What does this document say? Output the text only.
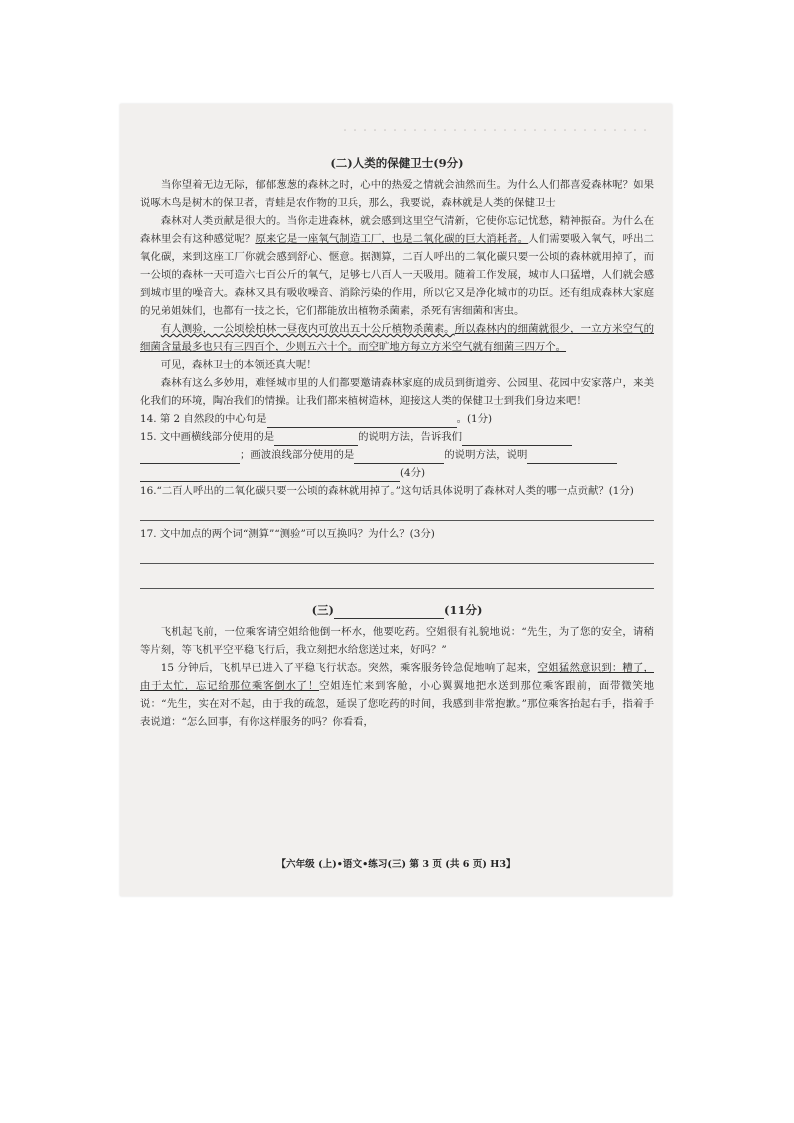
・・・・・・・・・・・・・・・・・・・・・・・・・・・・・・・
(二)人类的保健卫士(9分)

当你望着无边无际，郁郁葱葱的森林之时，心中的热爱之情就会油然而生。为什么人们都喜爱森林呢？如果说啄木鸟是树木的保卫者，青蛙是农作物的卫兵，那么，我要说，森林就是人类的保健卫士

森林对人类贡献是很大的。当你走进森林，就会感到这里空气清新，它使你忘记忧愁，精神振奋。为什么在森林里会有这种感觉呢？原来它是一座氧气制造工厂，也是二氧化碳的巨大消耗者。人们需要吸入氧气，呼出二氧化碳，来到这座工厂你就会感到舒心、惬意。据测算，二百人呼出的二氧化碳只要一公顷的森林就用掉了，而一公顷的森林一天可造六七百公斤的氧气，足够七八百人一天吸用。随着工作发展，城市人口猛增，人们就会感到城市里的噪音大。森林又具有吸收噪音、消除污染的作用，所以它又是净化城市的功臣。还有组成森林大家庭的兄弟姐妹们，也都有一技之长，它们都能放出植物杀菌素，杀死有害细菌和害虫。

有人测验，一公顷桧柏林一昼夜内可放出五十公斤植物杀菌素。所以森林内的细菌就很少，一立方米空气的细菌含量最多也只有三四百个，少则五六十个。而空旷地方每立方米空气就有细菌三四万个。

可见，森林卫士的本领还真大呢！

森林有这么多妙用，难怪城市里的人们都要邀请森林家庭的成员到街道旁、公园里、花园中安家落户，来美化我们的环境，陶冶我们的情操。让我们都来植树造林，迎接这人类的保健卫士到我们身边来吧！

14. 第 2 自然段的中心句是	。(1分)

15. 文中画横线部分使用的是	的说明方法，告诉我们

；画波浪线部分使用的是	的说明方法，说明

(4分)

16.“二百人呼出的二氧化碳只要一公顷的森林就用掉了。”这句话具体说明了森林对人类的哪一点贡献？(1分)

17. 文中加点的两个词“测算”“测验”可以互换吗？为什么？(3分)

(三)	(11分)

飞机起飞前，一位乘客请空姐给他倒一杯水，他要吃药。空姐很有礼貌地说：“先生，为了您的安全，请稍等片刻，等飞机平空平稳飞行后，我立刻把水给您送过来，好吗？”

15 分钟后，飞机早已进入了平稳飞行状态。突然，乘客服务铃急促地响了起来，空姐猛然意识到：糟了，由于太忙，忘记给那位乘客倒水了！空姐连忙来到客舱，小心翼翼地把水送到那位乘客跟前，面带微笑地说：“先生，实在对不起，由于我的疏忽，延误了您吃药的时间，我感到非常抱歉。”那位乘客抬起右手，指着手表说道：“怎么回事，有你这样服务的吗？你看看，

【六年级 (上)•语文•练习(三) 第 3 页 (共 6 页) H3】
